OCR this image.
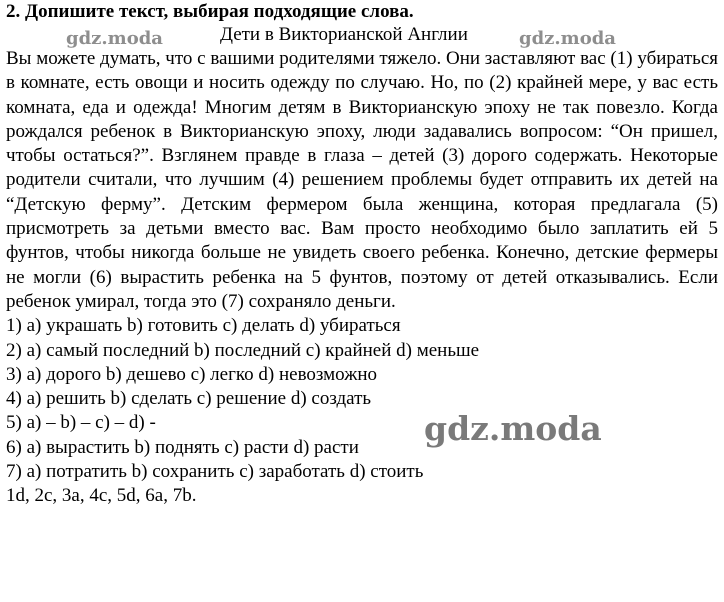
2. Допишите текст, выбирая подходящие слова.

Дети в Викторианской Англии

Вы можете думать, что с вашими родителями тяжело. Они заставляют вас (1) убираться в комнате, есть овощи и носить одежду по случаю. Но, по (2) крайней мере, у вас есть комната, еда и одежда! Многим детям в Викторианскую эпоху не так повезло. Когда рождался ребенок в Викторианскую эпоху, люди задавались вопросом: “Он пришел, чтобы остаться?”. Взглянем правде в глаза – детей (3) дорого содержать. Некоторые родители считали, что лучшим (4) решением проблемы будет отправить их детей на “Детскую ферму”. Детским фермером была женщина, которая предлагала (5) присмотреть за детьми вместо вас. Вам просто необходимо было заплатить ей 5 фунтов, чтобы никогда больше не увидеть своего ребенка. Конечно, детские фермеры не могли (6) вырастить ребенка на 5 фунтов, поэтому от детей отказывались. Если ребенок умирал, тогда это (7) сохраняло деньги.

1) a) украшать b) готовить c) делать d) убираться
2) a) самый последний b) последний c) крайней d) меньше
3) a) дорого b) дешево c) легко d) невозможно
4) a) решить b) сделать c) решение d) создать
5) a) – b) – c) – d) -
6) a) вырастить b) поднять c) расти d) расти
7) a) потратить b) сохранить c) заработать d) стоить

1d, 2c, 3a, 4c, 5d, 6a, 7b.

gdz.moda	gdz.moda
gdz.moda
